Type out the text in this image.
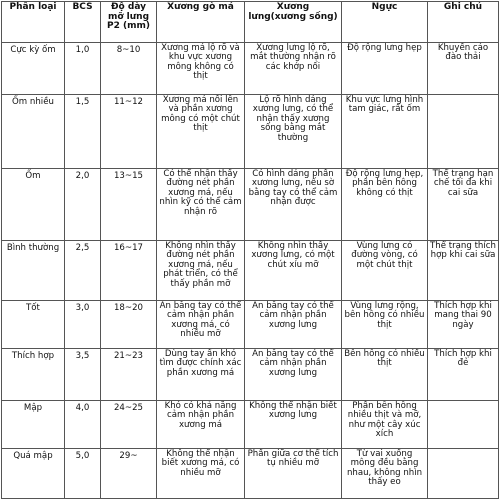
Phân loại	BCS	Độ dày mỡ lưng P2 (mm)	Xương gò má	Xương lưng(xương sống)	Ngực	Ghi chú
Cực kỳ ốm	1,0	8~10	Xương má lộ rõ và khu vực xương mông không có thịt	Xương lưng lộ rõ, mắt thường nhận rõ các khớp nối	Độ rộng lưng hẹp	Khuyến cáo đào thải
Ốm nhiều	1,5	11~12	Xương má nối lên và phần xương mông có một chút thịt	Lộ rõ hình dáng xương lưng, có thể nhận thấy xương sống bằng mắt thường	Khu vực lưng hình tam giác, rất ốm	
Ốm	2,0	13~15	Có thể nhận thấy đường nét phần xương má, nếu nhìn kỹ có thể cảm nhận rõ	Có hình dáng phần xương lưng, nếu sờ bằng tay có thể cảm nhận được	Độ rộng lưng hẹp, phần bên hông không có thịt	Thể trạng hạn chế tối đa khi cai sữa
Bình thường	2,5	16~17	Không nhìn thấy đường nét phần xương má, nếu phát triển, có thể thấy phần mỡ	Không nhìn thấy xương lưng, có một chút xíu mỡ	Vùng lưng có đường vòng, có một chút thịt	Thể trạng thích hợp khi cai sữa
Tốt	3,0	18~20	Ấn bằng tay có thể cảm nhận phần xương má, có nhiều mỡ	Ấn bằng tay có thể cảm nhận phần xương lưng	Vùng lưng rộng, bên hông có nhiều thịt	Thích hợp khi mang thai 90 ngày
Thích hợp	3,5	21~23	Dùng tay ấn khó tìm được chính xác phần xương má	Ấn bằng tay có thể cảm nhận phần xương lưng	Bên hông có nhiều thịt	Thích hợp khi đẻ
Mập	4,0	24~25	Khó có khả năng cảm nhận phần xương má	Không thể nhận biết xương lưng	Phần bên hông nhiều thịt và mỡ, như một cây xúc xích	
Quá mập	5,0	29~	Không thể nhận biết xương má, có nhiều mỡ	Phần giữa cơ thể tích tụ nhiều mỡ	Từ vai xuống mông đều bằng nhau, không nhìn thấy eo	
